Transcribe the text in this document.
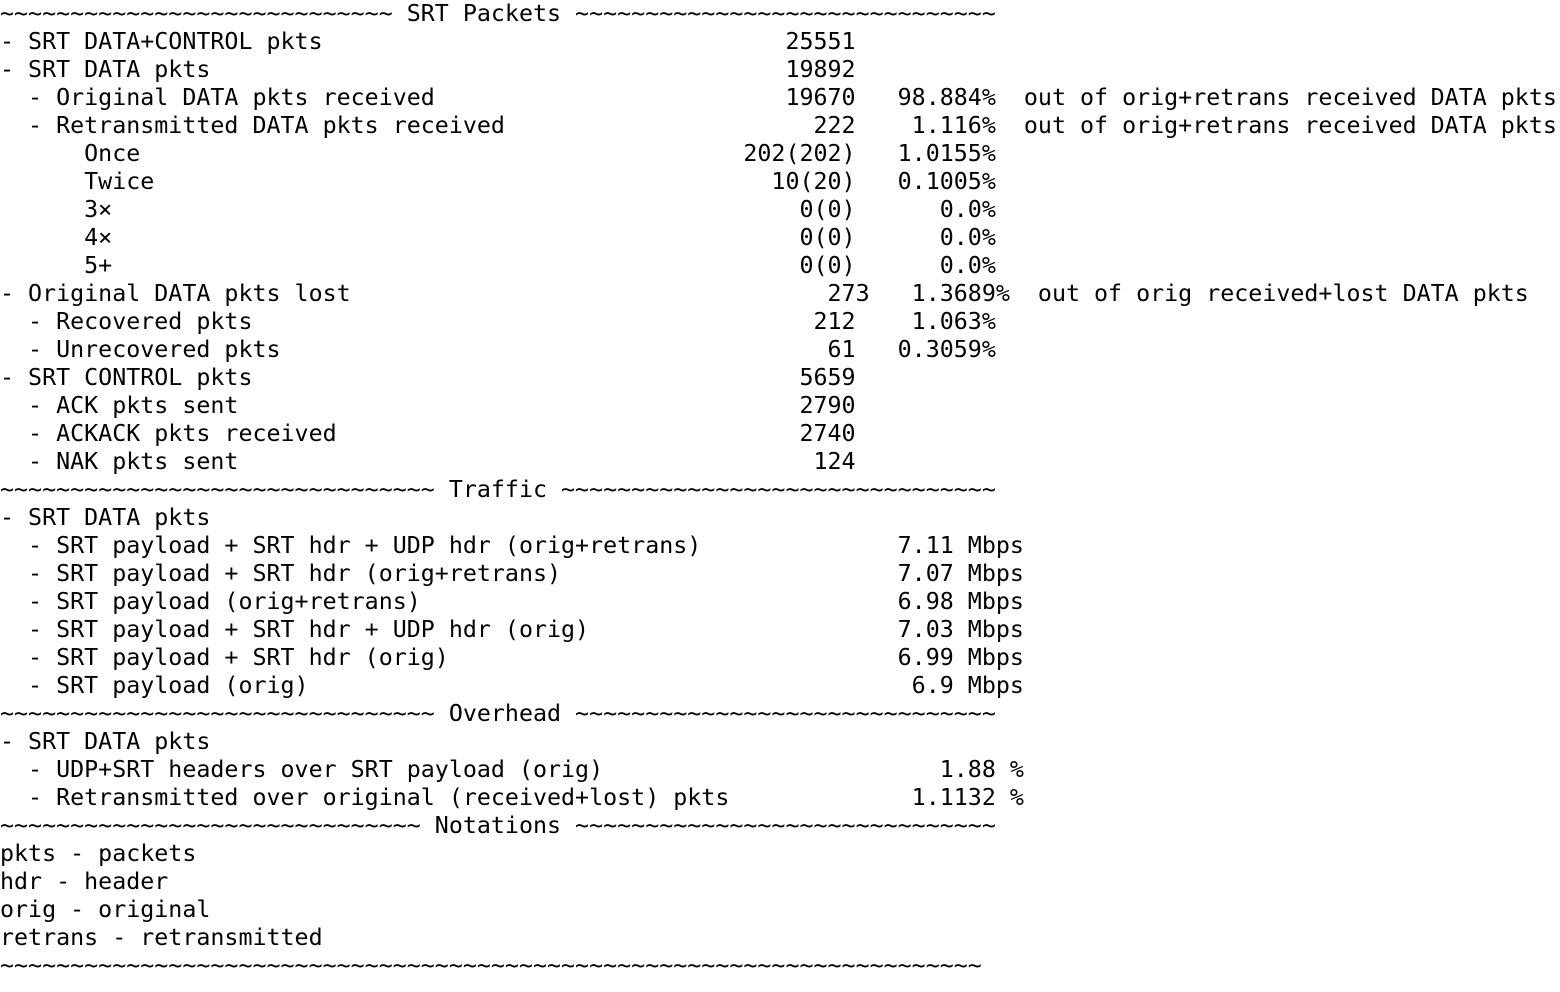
~~~~~~~~~~~~~~~~~~~~~~~~~~~~ SRT Packets ~~~~~~~~~~~~~~~~~~~~~~~~~~~~~~
- SRT DATA+CONTROL pkts                                 25551
- SRT DATA pkts                                         19892
- Original DATA pkts received                         19670   98.884%  out of orig+retrans received DATA pkts
- Retransmitted DATA pkts received                      222    1.116%  out of orig+retrans received DATA pkts
Once                                           202(202)   1.0155%
Twice                                            10(20)   0.1005%
3×                                                 0(0)      0.0%
4×                                                 0(0)      0.0%
5+                                                 0(0)      0.0%
- Original DATA pkts lost                                  273   1.3689%  out of orig received+lost DATA pkts
- Recovered pkts                                        212    1.063%
- Unrecovered pkts                                       61   0.3059%
- SRT CONTROL pkts                                       5659
- ACK pkts sent                                        2790
- ACKACK pkts received                                 2740
- NAK pkts sent                                         124
~~~~~~~~~~~~~~~~~~~~~~~~~~~~~~~ Traffic ~~~~~~~~~~~~~~~~~~~~~~~~~~~~~~~
- SRT DATA pkts
- SRT payload + SRT hdr + UDP hdr (orig+retrans)              7.11 Mbps
- SRT payload + SRT hdr (orig+retrans)                        7.07 Mbps
- SRT payload (orig+retrans)                                  6.98 Mbps
- SRT payload + SRT hdr + UDP hdr (orig)                      7.03 Mbps
- SRT payload + SRT hdr (orig)                                6.99 Mbps
- SRT payload (orig)                                           6.9 Mbps
~~~~~~~~~~~~~~~~~~~~~~~~~~~~~~~ Overhead ~~~~~~~~~~~~~~~~~~~~~~~~~~~~~~
- SRT DATA pkts
- UDP+SRT headers over SRT payload (orig)                        1.88 %
- Retransmitted over original (received+lost) pkts             1.1132 %
~~~~~~~~~~~~~~~~~~~~~~~~~~~~~~ Notations ~~~~~~~~~~~~~~~~~~~~~~~~~~~~~~
pkts - packets
hdr - header
orig - original
retrans - retransmitted
~~~~~~~~~~~~~~~~~~~~~~~~~~~~~~~~~~~~~~~~~~~~~~~~~~~~~~~~~~~~~~~~~~~~~~
